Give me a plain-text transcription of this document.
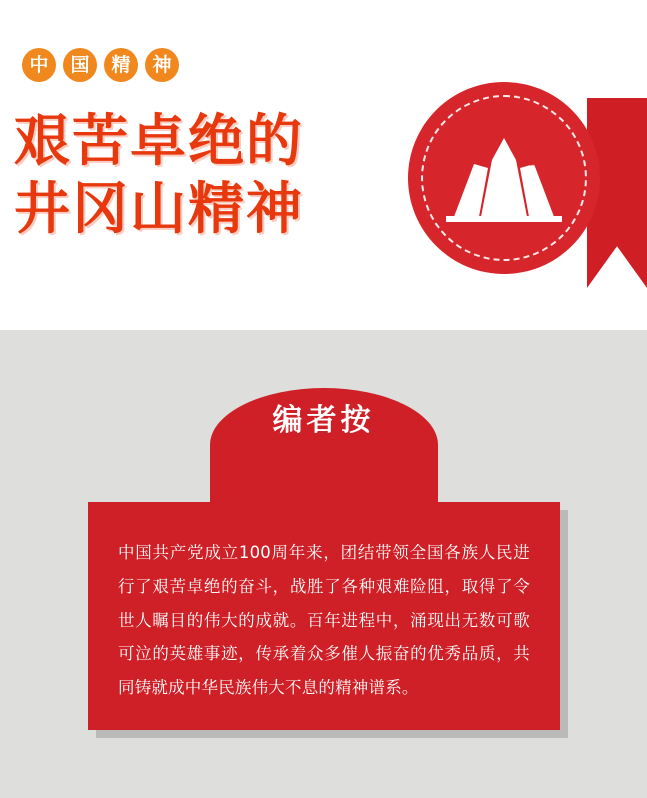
中	国	精	神
艰苦卓绝的
井冈山精神
井冈山
编者按

中国共产党成立100周年来，团结带领全国各族人民进行了艰苦卓绝的奋斗，战胜了各种艰难险阻，取得了令世人瞩目的伟大的成就。百年进程中，涌现出无数可歌可泣的英雄事迹，传承着众多催人振奋的优秀品质，共同铸就成中华民族伟大不息的精神谱系。
